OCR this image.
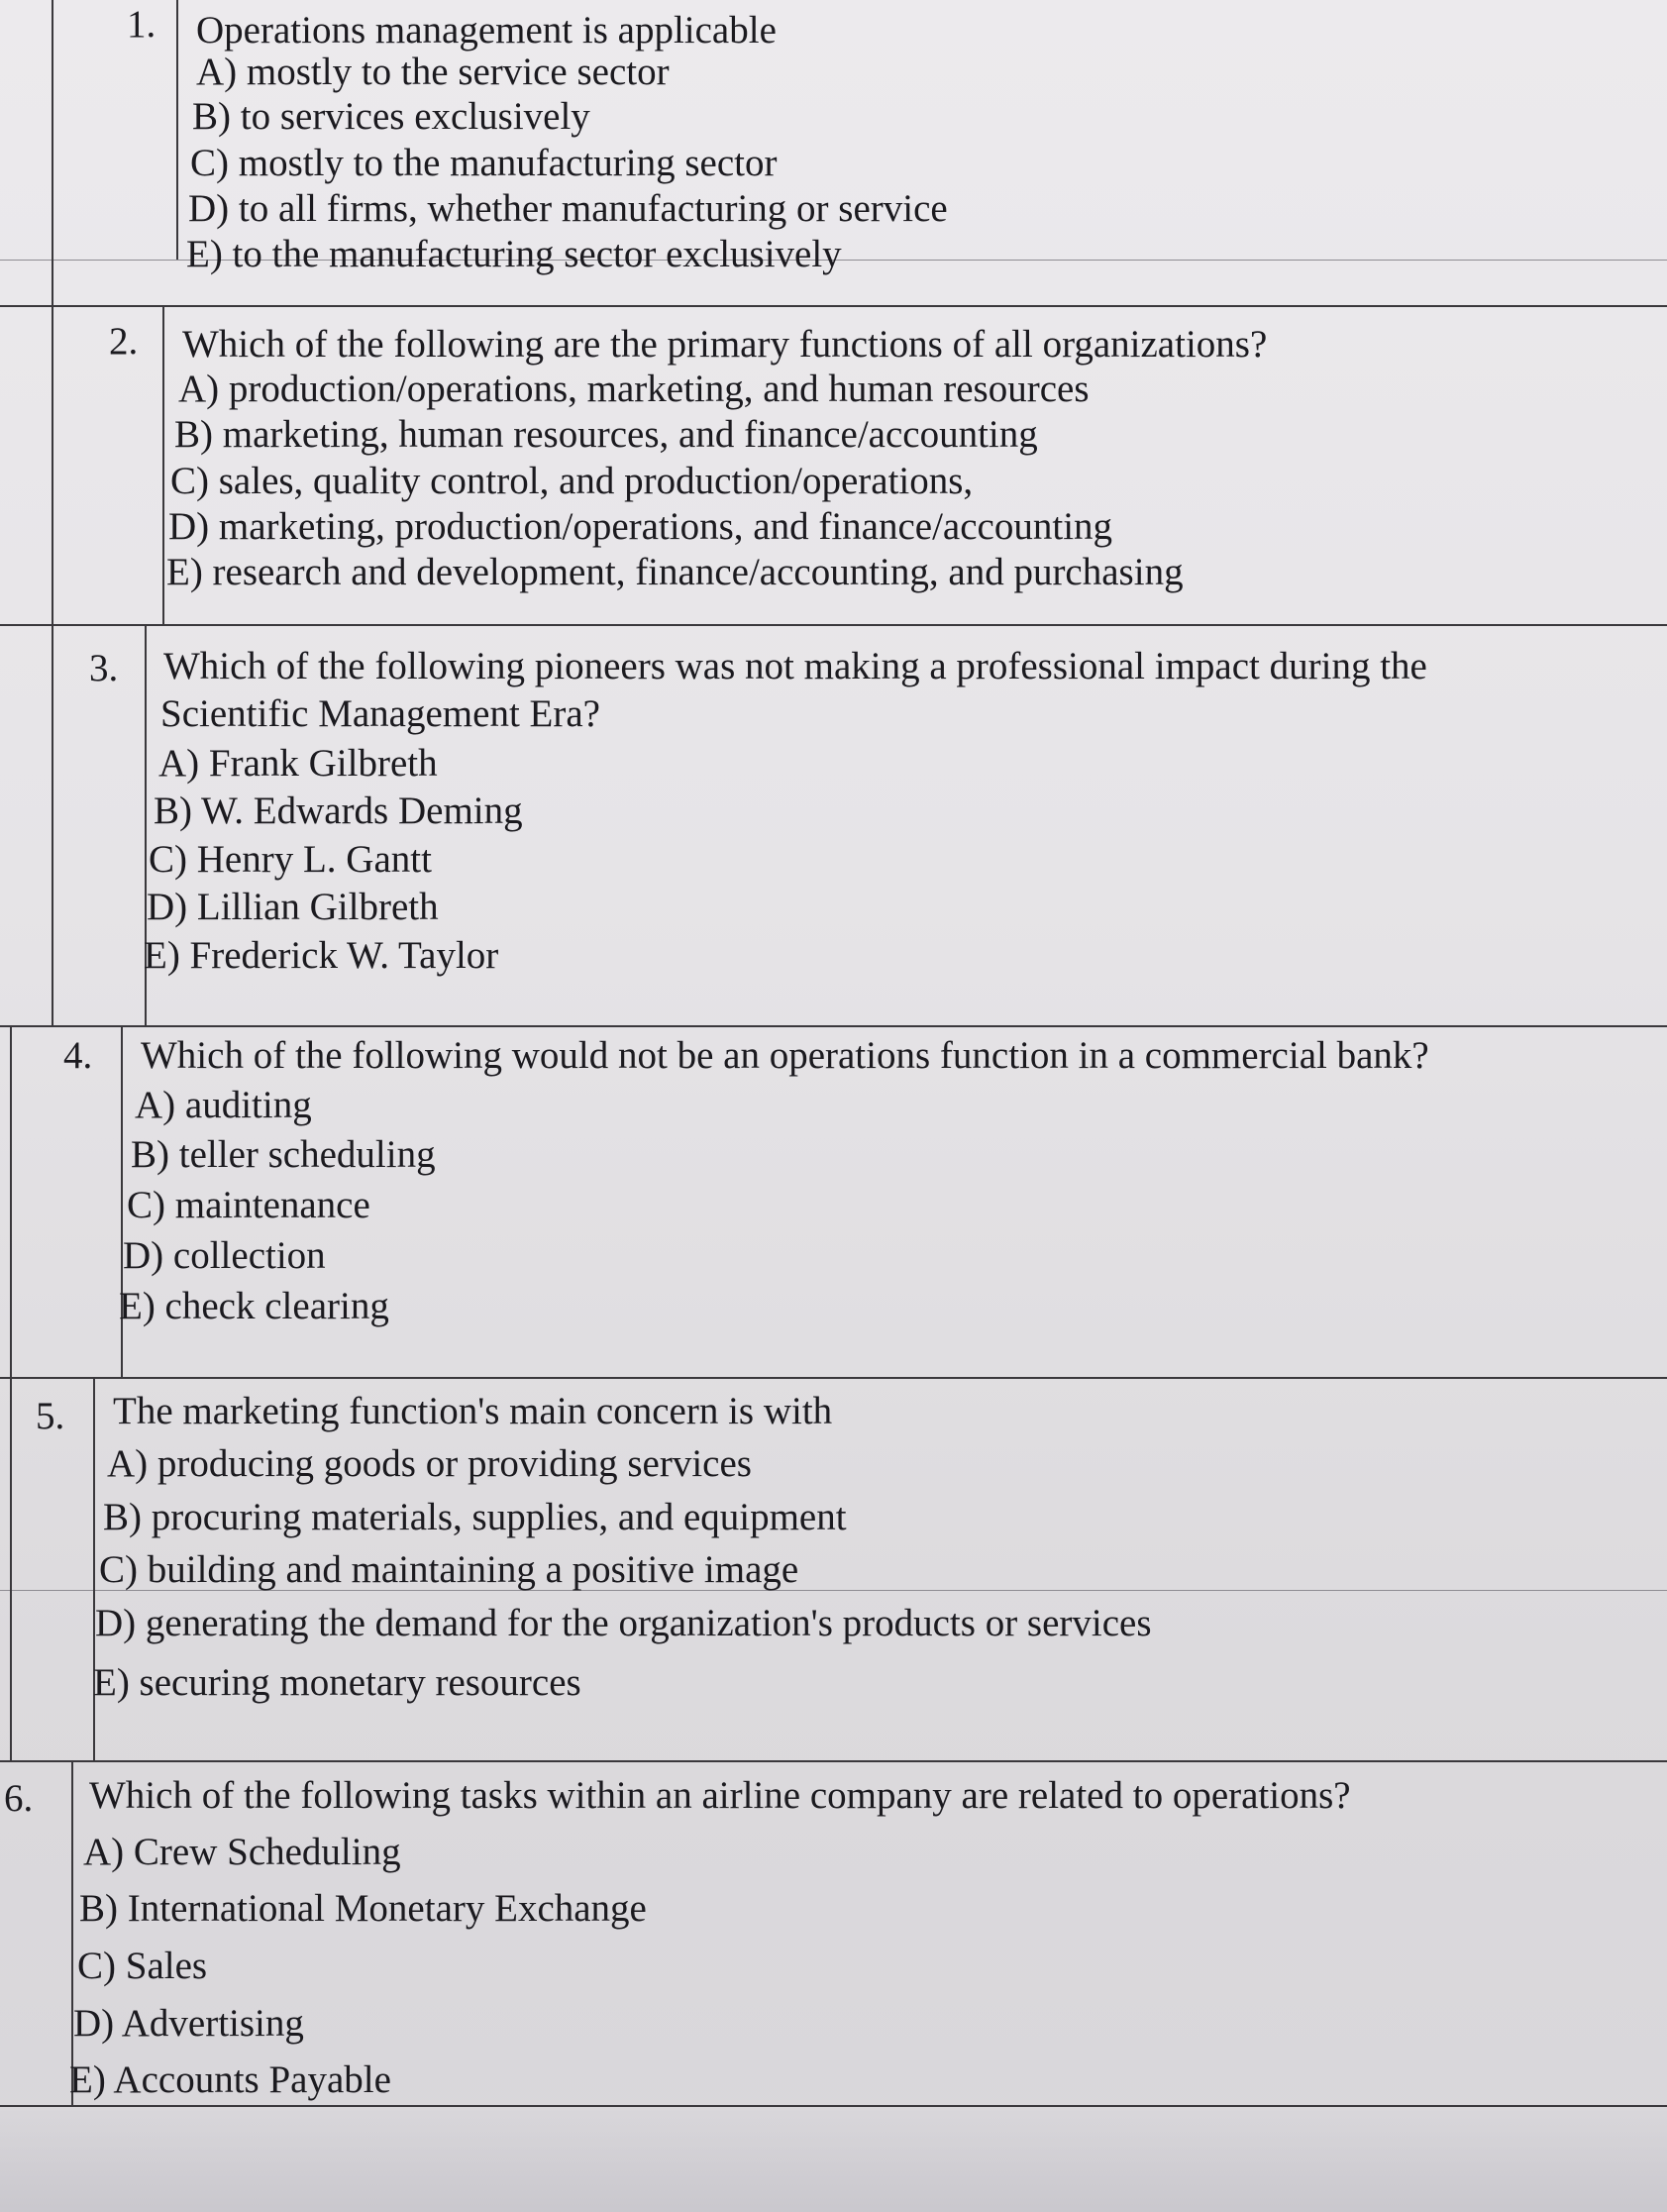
1. Operations management is applicable
A) mostly to the service sector
B) to services exclusively
C) mostly to the manufacturing sector
D) to all firms, whether manufacturing or service
E) to the manufacturing sector exclusively
2. Which of the following are the primary functions of all organizations?
A) production/operations, marketing, and human resources
B) marketing, human resources, and finance/accounting
C) sales, quality control, and production/operations,
D) marketing, production/operations, and finance/accounting
E) research and development, finance/accounting, and purchasing
3. Which of the following pioneers was not making a professional impact during the
Scientific Management Era?
A) Frank Gilbreth
B) W. Edwards Deming
C) Henry L. Gantt
D) Lillian Gilbreth
E) Frederick W. Taylor
4. Which of the following would not be an operations function in a commercial bank?
A) auditing
B) teller scheduling
C) maintenance
D) collection
E) check clearing
5. The marketing function's main concern is with
A) producing goods or providing services
B) procuring materials, supplies, and equipment
C) building and maintaining a positive image
D) generating the demand for the organization's products or services
E) securing monetary resources
6. Which of the following tasks within an airline company are related to operations?
A) Crew Scheduling
B) International Monetary Exchange
C) Sales
D) Advertising
E) Accounts Payable
